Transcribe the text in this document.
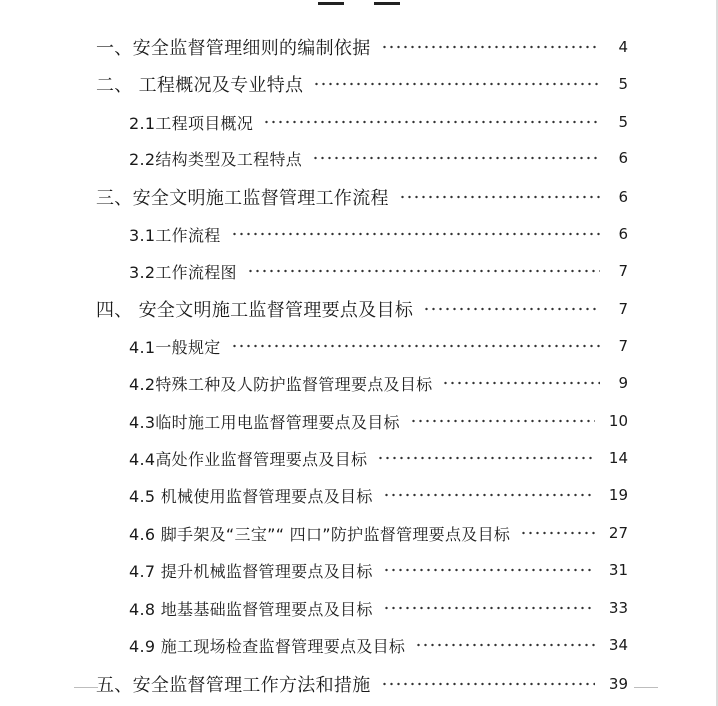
一、安全监督管理细则的编制依据	4
二、 工程概况及专业特点	5
2.1工程项目概况	5
2.2结构类型及工程特点	6
三、安全文明施工监督管理工作流程	6
3.1工作流程	6
3.2工作流程图	7
四、 安全文明施工监督管理要点及目标	7
4.1一般规定	7
4.2特殊工种及人防护监督管理要点及目标	9
4.3临时施工用电监督管理要点及目标	10
4.4高处作业监督管理要点及目标	14
4.5 机械使用监督管理要点及目标	19
4.6 脚手架及“三宝”“ 四口”防护监督管理要点及目标	27
4.7 提升机械监督管理要点及目标	31
4.8 地基基础监督管理要点及目标	33
4.9 施工现场检查监督管理要点及目标	34
五、安全监督管理工作方法和措施	39
